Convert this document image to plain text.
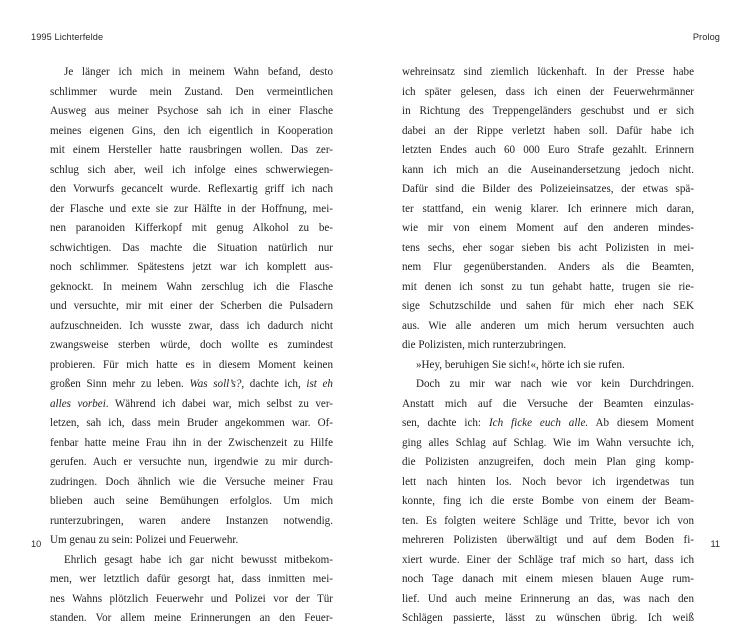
1995 Lichterfelde
Je länger ich mich in meinem Wahn befand, desto
schlimmer wurde mein Zustand. Den vermeintlichen
Ausweg aus meiner Psychose sah ich in einer Flasche
meines eigenen Gins, den ich eigentlich in Kooperation
mit einem Hersteller hatte rausbringen wollen. Das zer-
schlug sich aber, weil ich infolge eines schwerwiegen-
den Vorwurfs gecancelt wurde. Reflexartig griff ich nach
der Flasche und exte sie zur Hälfte in der Hoffnung, mei-
nen paranoiden Kifferkopf mit genug Alkohol zu be-
schwichtigen. Das machte die Situation natürlich nur
noch schlimmer. Spätestens jetzt war ich komplett aus-
geknockt. In meinem Wahn zerschlug ich die Flasche
und versuchte, mir mit einer der Scherben die Pulsadern
aufzuschneiden. Ich wusste zwar, dass ich dadurch nicht
zwangsweise sterben würde, doch wollte es zumindest
probieren. Für mich hatte es in diesem Moment keinen
großen Sinn mehr zu leben. Was soll’s?, dachte ich, ist eh
alles vorbei. Während ich dabei war, mich selbst zu ver-
letzen, sah ich, dass mein Bruder angekommen war. Of-
fenbar hatte meine Frau ihn in der Zwischenzeit zu Hilfe
gerufen. Auch er versuchte nun, irgendwie zu mir durch-
zudringen. Doch ähnlich wie die Versuche meiner Frau
blieben auch seine Bemühungen erfolglos. Um mich
runterzubringen, waren andere Instanzen notwendig.
Um genau zu sein: Polizei und Feuerwehr.
Ehrlich gesagt habe ich gar nicht bewusst mitbekom-
men, wer letztlich dafür gesorgt hat, dass inmitten mei-
nes Wahns plötzlich Feuerwehr und Polizei vor der Tür
standen. Vor allem meine Erinnerungen an den Feuer-
10
Prolog
wehreinsatz sind ziemlich lückenhaft. In der Presse habe
ich später gelesen, dass ich einen der Feuerwehrmänner
in Richtung des Treppengeländers geschubst und er sich
dabei an der Rippe verletzt haben soll. Dafür habe ich
letzten Endes auch 60 000 Euro Strafe gezahlt. Erinnern
kann ich mich an die Auseinandersetzung jedoch nicht.
Dafür sind die Bilder des Polizeieinsatzes, der etwas spä-
ter stattfand, ein wenig klarer. Ich erinnere mich daran,
wie mir von einem Moment auf den anderen mindes-
tens sechs, eher sogar sieben bis acht Polizisten in mei-
nem Flur gegenüberstanden. Anders als die Beamten,
mit denen ich sonst zu tun gehabt hatte, trugen sie rie-
sige Schutzschilde und sahen für mich eher nach SEK
aus. Wie alle anderen um mich herum versuchten auch
die Polizisten, mich runterzubringen.
»Hey, beruhigen Sie sich!«, hörte ich sie rufen.
Doch zu mir war nach wie vor kein Durchdringen.
Anstatt mich auf die Versuche der Beamten einzulas-
sen, dachte ich: Ich ficke euch alle. Ab diesem Moment
ging alles Schlag auf Schlag. Wie im Wahn versuchte ich,
die Polizisten anzugreifen, doch mein Plan ging komp-
lett nach hinten los. Noch bevor ich irgendetwas tun
konnte, fing ich die erste Bombe von einem der Beam-
ten. Es folgten weitere Schläge und Tritte, bevor ich von
mehreren Polizisten überwältigt und auf dem Boden fi-
xiert wurde. Einer der Schläge traf mich so hart, dass ich
noch Tage danach mit einem miesen blauen Auge rum-
lief. Und auch meine Erinnerung an das, was nach den
Schlägen passierte, lässt zu wünschen übrig. Ich weiß
11
